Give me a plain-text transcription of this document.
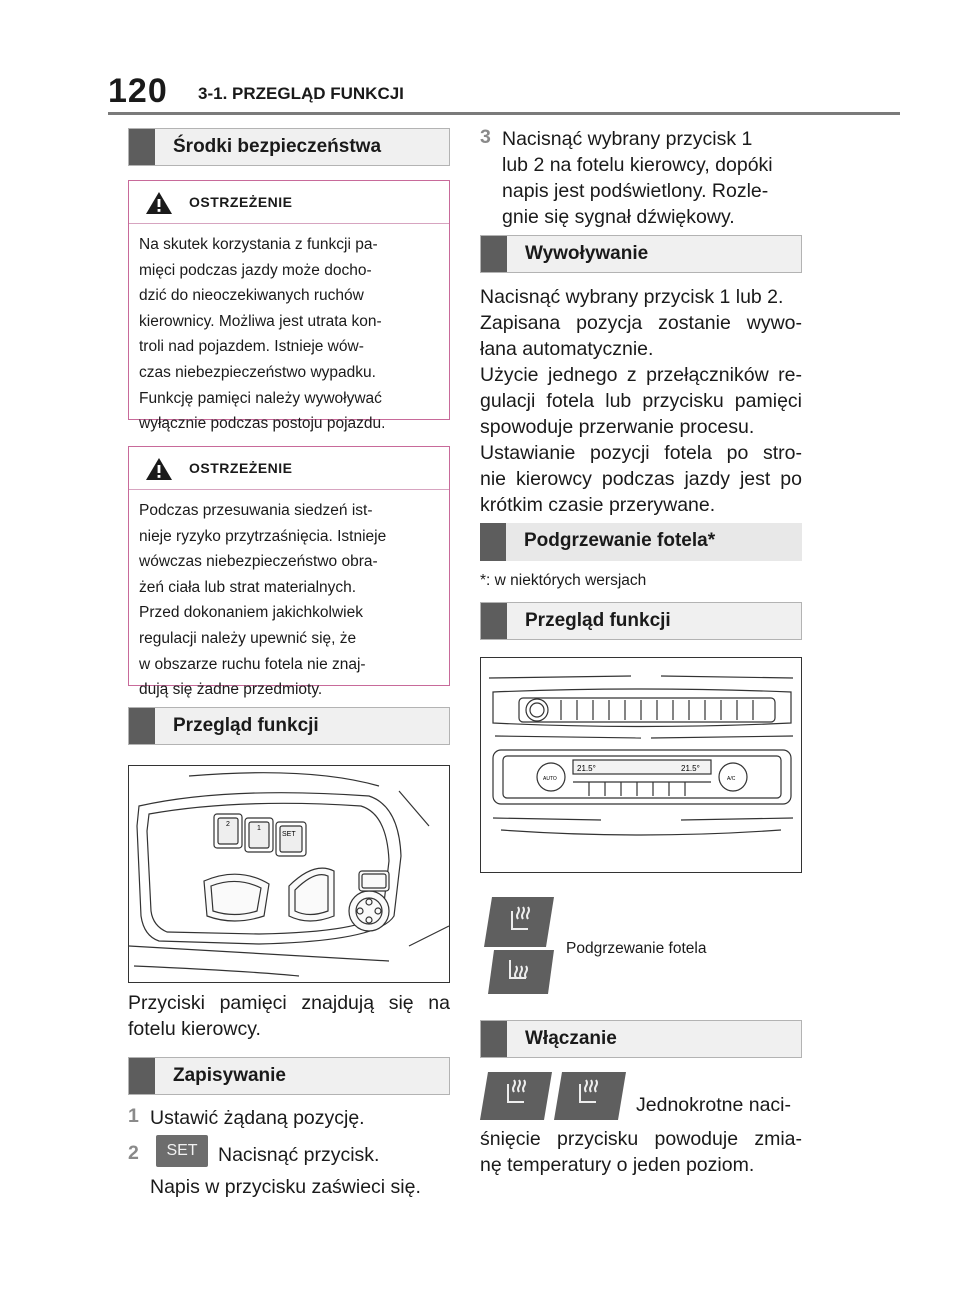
120 3-1. PRZEGLĄD FUNKCJI
Środki bezpieczeństwa
OSTRZEŻENIE
Na skutek korzystania z funkcji pa-
mięci podczas jazdy może docho-
dzić do nieoczekiwanych ruchów
kierownicy. Możliwa jest utrata kon-
troli nad pojazdem. Istnieje wów-
czas niebezpieczeństwo wypadku.
Funkcję pamięci należy wywoływać
wyłącznie podczas postoju pojazdu.
OSTRZEŻENIE
Podczas przesuwania siedzeń ist-
nieje ryzyko przytrzaśnięcia. Istnieje
wówczas niebezpieczeństwo obra-
żeń ciała lub strat materialnych.
Przed dokonaniem jakichkolwiek
regulacji należy upewnić się, że
w obszarze ruchu fotela nie znaj-
dują się żadne przedmioty.
Przegląd funkcji
2
1
SET
Przyciski pamięci znajdują się na
fotelu kierowcy.
Zapisywanie
1 Ustawić żądaną pozycję.
2	SET	Nacisnąć przycisk.
Napis w przycisku zaświeci się.
3 Nacisnąć wybrany przycisk 1
lub 2 na fotelu kierowcy, dopóki
napis jest podświetlony. Rozle-
gnie się sygnał dźwiękowy.
Wywoływanie
Nacisnąć wybrany przycisk 1 lub 2.
Zapisana pozycja zostanie wywo-
łana automatycznie.
Użycie jednego z przełączników re-
gulacji fotela lub przycisku pamięci
spowoduje przerwanie procesu.
Ustawianie pozycji fotela po stro-
nie kierowcy podczas jazdy jest po
krótkim czasie przerywane.
Podgrzewanie fotela*
*: w niektórych wersjach
Przegląd funkcji
21.5°	21.5°
AUTO	A/C
Podgrzewanie fotela
Włączanie
Jednokrotne naci-
śnięcie przycisku powoduje zmia-
nę temperatury o jeden poziom.
